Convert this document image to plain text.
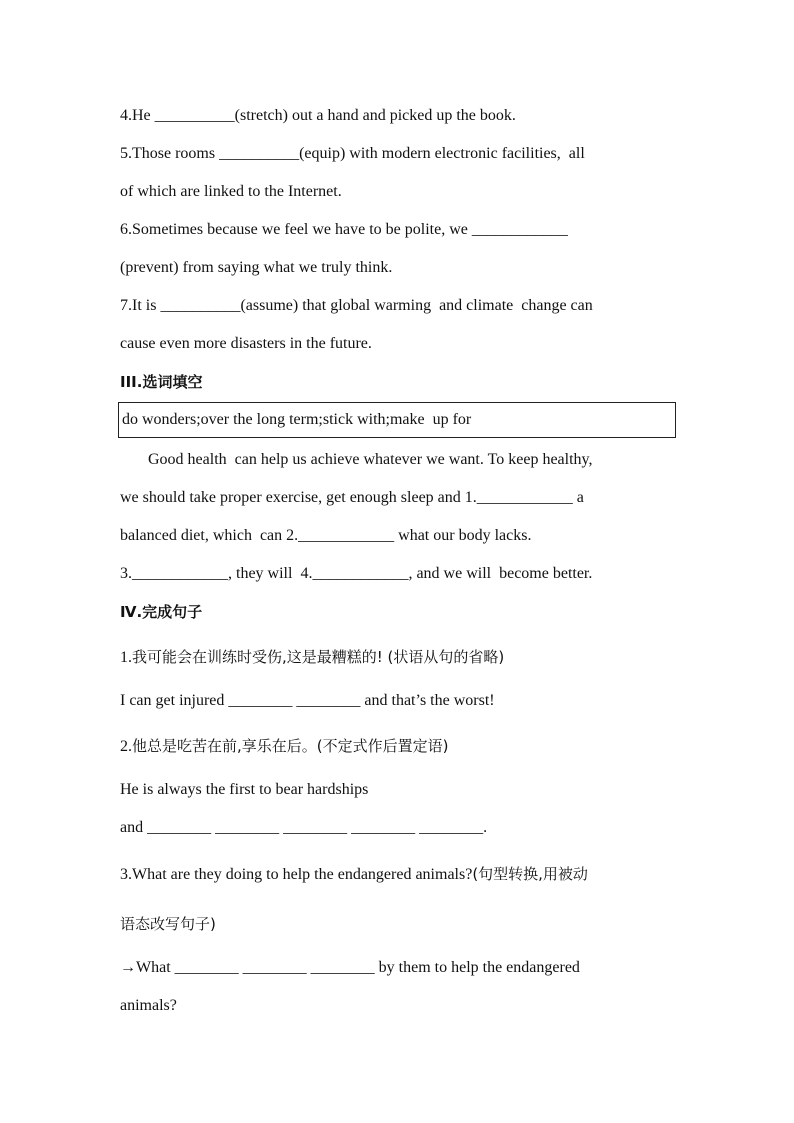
4.He __________(stretch) out a hand and picked up the book.
5.Those rooms __________(equip) with modern electronic facilities,  all
of which are linked to the Internet.
6.Sometimes because we feel we have to be polite, we ____________
(prevent) from saying what we truly think.
7.It is __________(assume) that global warming  and climate  change can
cause even more disasters in the future.
III.选词填空
do wonders;over the long term;stick with;make  up for
Good health  can help us achieve whatever we want. To keep healthy,
we should take proper exercise, get enough sleep and 1.____________ a
balanced diet, which  can 2.____________ what our body lacks.
3.____________, they will  4.____________, and we will  become better.
Ⅳ.完成句子
1.我可能会在训练时受伤,这是最糟糕的! (状语从句的省略)
I can get injured ________ ________ and that’s the worst!
2.他总是吃苦在前,享乐在后。(不定式作后置定语)
He is always the first to bear hardships
and ________ ________ ________ ________ ________.
3.What are they doing to help the endangered animals?(句型转换,用被动
语态改写句子)
→What ________ ________ ________ by them to help the endangered
animals?
